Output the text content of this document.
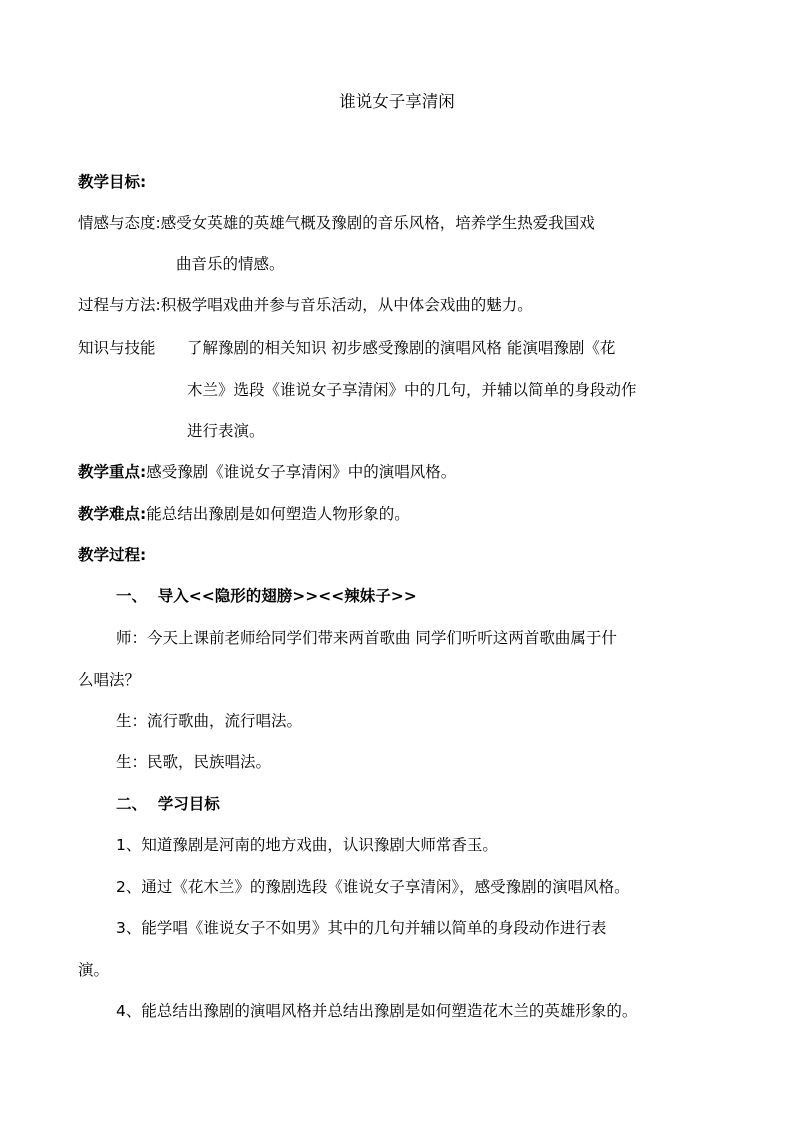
谁说女子享清闲
教学目标:
情感与态度:感受女英雄的英雄气概及豫剧的音乐风格，培养学生热爱我国戏
曲音乐的情感。
过程与方法:积极学唱戏曲并参与音乐活动，从中体会戏曲的魅力。
知识与技能 了解豫剧的相关知识 初步感受豫剧的演唱风格 能演唱豫剧《花
木兰》选段《谁说女子享清闲》中的几句，并辅以简单的身段动作
进行表演。
教学重点:感受豫剧《谁说女子享清闲》中的演唱风格。
教学难点:能总结出豫剧是如何塑造人物形象的。
教学过程:
一、  导入<<隐形的翅膀>><<辣妹子>>
师：今天上课前老师给同学们带来两首歌曲 同学们听听这两首歌曲属于什
么唱法？
生：流行歌曲，流行唱法。
生：民歌，民族唱法。
二、  学习目标
1、知道豫剧是河南的地方戏曲，认识豫剧大师常香玉。
2、通过《花木兰》的豫剧选段《谁说女子享清闲》，感受豫剧的演唱风格。
3、能学唱《谁说女子不如男》其中的几句并辅以简单的身段动作进行表
演。
4、能总结出豫剧的演唱风格并总结出豫剧是如何塑造花木兰的英雄形象的。
